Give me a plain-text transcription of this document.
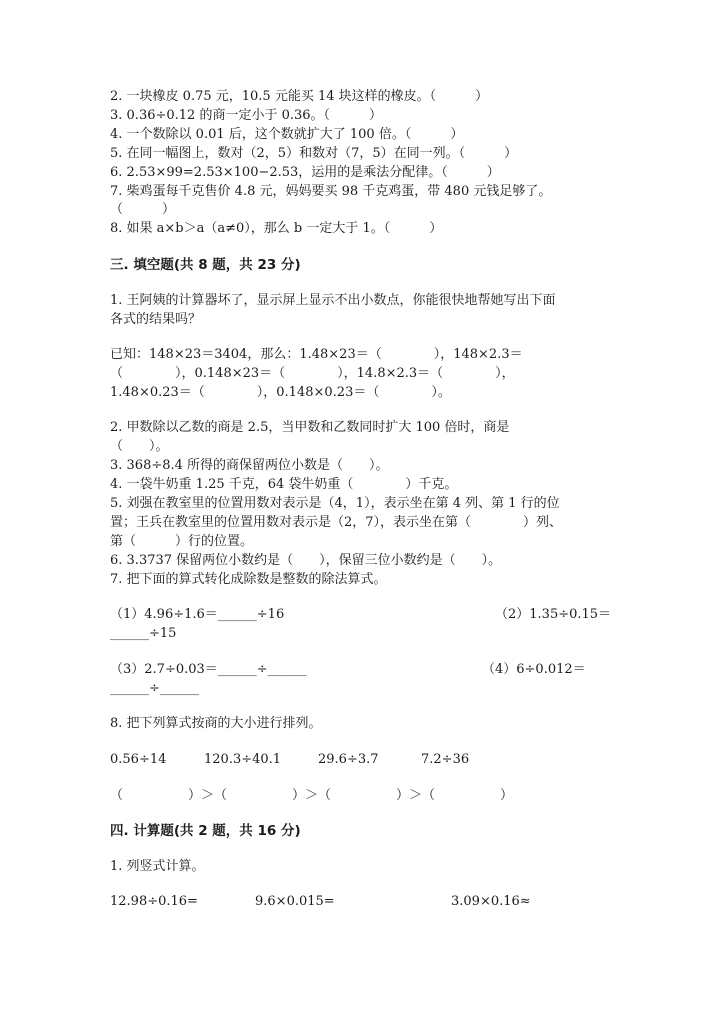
2. 一块橡皮 0.75 元，10.5 元能买 14 块这样的橡皮。（　　　）
3. 0.36÷0.12 的商一定小于 0.36。（　　　）
4. 一个数除以 0.01 后，这个数就扩大了 100 倍。（　　　）
5. 在同一幅图上，数对（2，5）和数对（7，5）在同一列。（　　　）
6. 2.53×99=2.53×100−2.53，运用的是乘法分配律。（　　　）
7. 柴鸡蛋每千克售价 4.8 元，妈妈要买 98 千克鸡蛋，带 480 元钱足够了。
（　　　）
8. 如果 a×b＞a（a≠0），那么 b 一定大于 1。（　　　）
三. 填空题(共 8 题，共 23 分)
1. 王阿姨的计算器坏了，显示屏上显示不出小数点，你能很快地帮她写出下面
各式的结果吗？
已知：148×23＝3404，那么：1.48×23＝（　　　　），148×2.3＝
（　　　　），0.148×23＝（　　　　），14.8×2.3＝（　　　　），
1.48×0.23＝（　　　　），0.148×0.23＝（　　　　）。
2. 甲数除以乙数的商是 2.5，当甲数和乙数同时扩大 100 倍时，商是
（　　）。
3. 368÷8.4 所得的商保留两位小数是（　　）。
4. 一袋牛奶重 1.25 千克，64 袋牛奶重（　　　　）千克。
5. 刘强在教室里的位置用数对表示是（4，1），表示坐在第 4 列、第 1 行的位
置；王兵在教室里的位置用数对表示是（2，7），表示坐在第（　　　　）列、
第（　　　）行的位置。
6. 3.3737 保留两位小数约是（　　），保留三位小数约是（　　）。
7. 把下面的算式转化成除数是整数的除法算式。
（1）4.96÷1.6＝______÷16	（2）1.35÷0.15＝
______÷15
（3）2.7÷0.03＝______÷______	（4）6÷0.012＝
______÷______
8. 把下列算式按商的大小进行排列。
0.56÷14	120.3÷40.1	29.6÷3.7	7.2÷36
（　　　　　）＞（　　　　　）＞（　　　　　）＞（　　　　　）
四. 计算题(共 2 题，共 16 分)
1. 列竖式计算。
12.98÷0.16=	9.6×0.015=	3.09×0.16≈
